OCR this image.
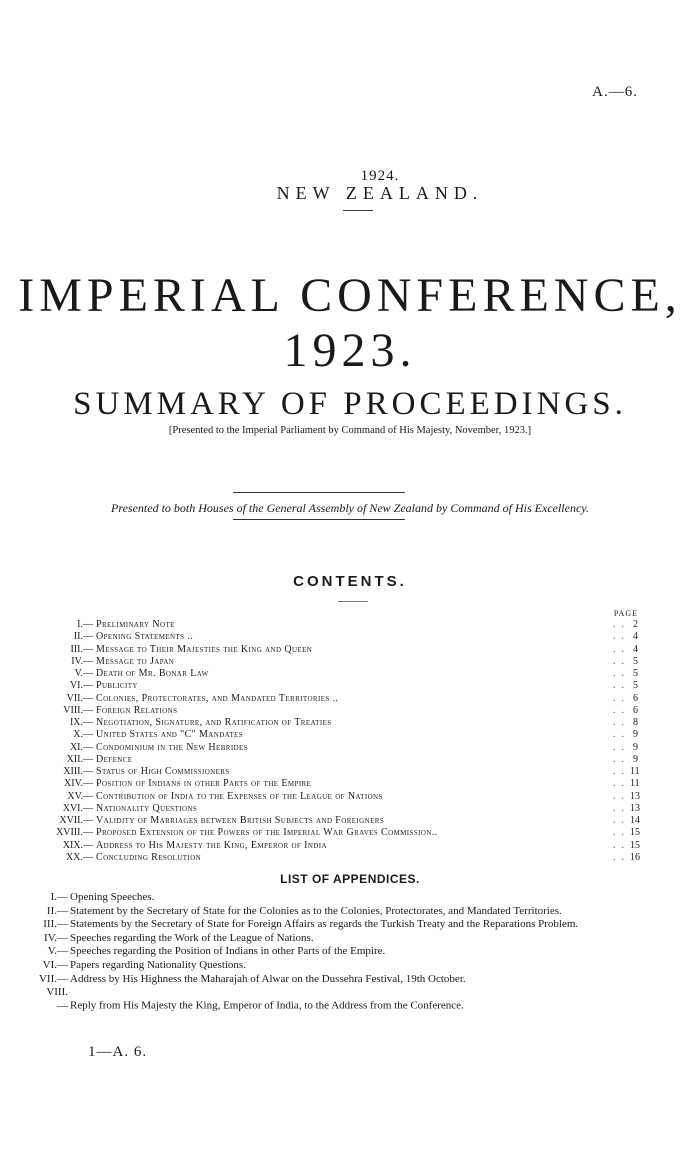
A.—6.
1924.
NEW ZEALAND.
IMPERIAL CONFERENCE, 1923.
SUMMARY OF PROCEEDINGS.
[Presented to the Imperial Parliament by Command of His Majesty, November, 1923.]
Presented to both Houses of the General Assembly of New Zealand by Command of His Excellency.
CONTENTS.
PAGE
I.— Preliminary Note	.. 2
II.— Opening Statements ..	.. 4
III.— Message to Their Majesties the King and Queen	.. 4
IV.— Message to Japan	.. 5
V.— Death of Mr. Bonar Law	.. 5
VI.— Publicity	.. 5
VII.— Colonies, Protectorates, and Mandated Territories ..	.. 6
VIII.— Foreign Relations	.. 6
IX.— Negotiation, Signature, and Ratification of Treaties	.. 8
X.— United States and "C" Mandates	.. 9
XI.— Condominium in the New Hebrides	.. 9
XII.— Defence	.. 9
XIII.— Status of High Commissioners	.. 11
XIV.— Position of Indians in other Parts of the Empire	.. 11
XV.— Contribution of India to the Expenses of the League of Nations	.. 13
XVI.— Nationality Questions	.. 13
XVII.— Validity of Marriages between British Subjects and Foreigners	.. 14
XVIII.— Proposed Extension of the Powers of the Imperial War Graves Commission..	.. 15
XIX.— Address to His Majesty the King, Emperor of India	.. 15
XX.— Concluding Resolution	.. 16
LIST OF APPENDICES.
I.— Opening Speeches.
II.— Statement by the Secretary of State for the Colonies as to the Colonies, Protectorates, and Mandated Territories.
III.— Statements by the Secretary of State for Foreign Affairs as regards the Turkish Treaty and the Reparations Problem.
IV.— Speeches regarding the Work of the League of Nations.
V.— Speeches regarding the Position of Indians in other Parts of the Empire.
VI.— Papers regarding Nationality Questions.
VII.— Address by His Highness the Maharajah of Alwar on the Dussehra Festival, 19th October.
VIII.— Reply from His Majesty the King, Emperor of India, to the Address from the Conference.
1—A. 6.
